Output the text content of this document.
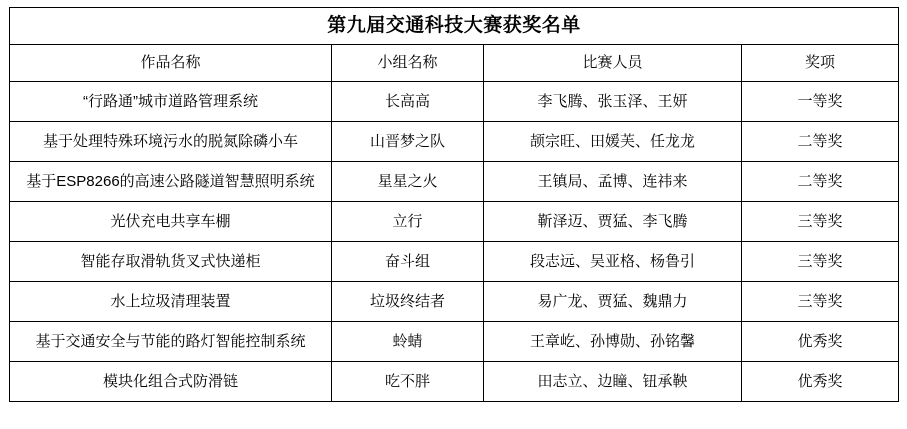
第九届交通科技大赛获奖名单			

作品名称	小组名称	比赛人员	奖项

“行路通”城市道路管理系统	长高高	李飞腾、张玉泽、王妍	一等奖

基于处理特殊环境污水的脱氮除磷小车	山晋梦之队	颉宗旺、田媛芙、任龙龙	二等奖

基于ESP8266的高速公路隧道智慧照明系统	星星之火	王镇局、孟博、连祎来	二等奖

光伏充电共享车棚	立行	靳泽迈、贾猛、李飞腾	三等奖

智能存取滑轨货叉式快递柜	奋斗组	段志远、吴亚格、杨鲁引	三等奖

水上垃圾清理装置	垃圾终结者	易广龙、贾猛、魏鼎力	三等奖

基于交通安全与节能的路灯智能控制系统	蛉蜻	王章屹、孙博勋、孙铭馨	优秀奖

模块化组合式防滑链	吃不胖	田志立、边瞳、钮承鞅	优秀奖
